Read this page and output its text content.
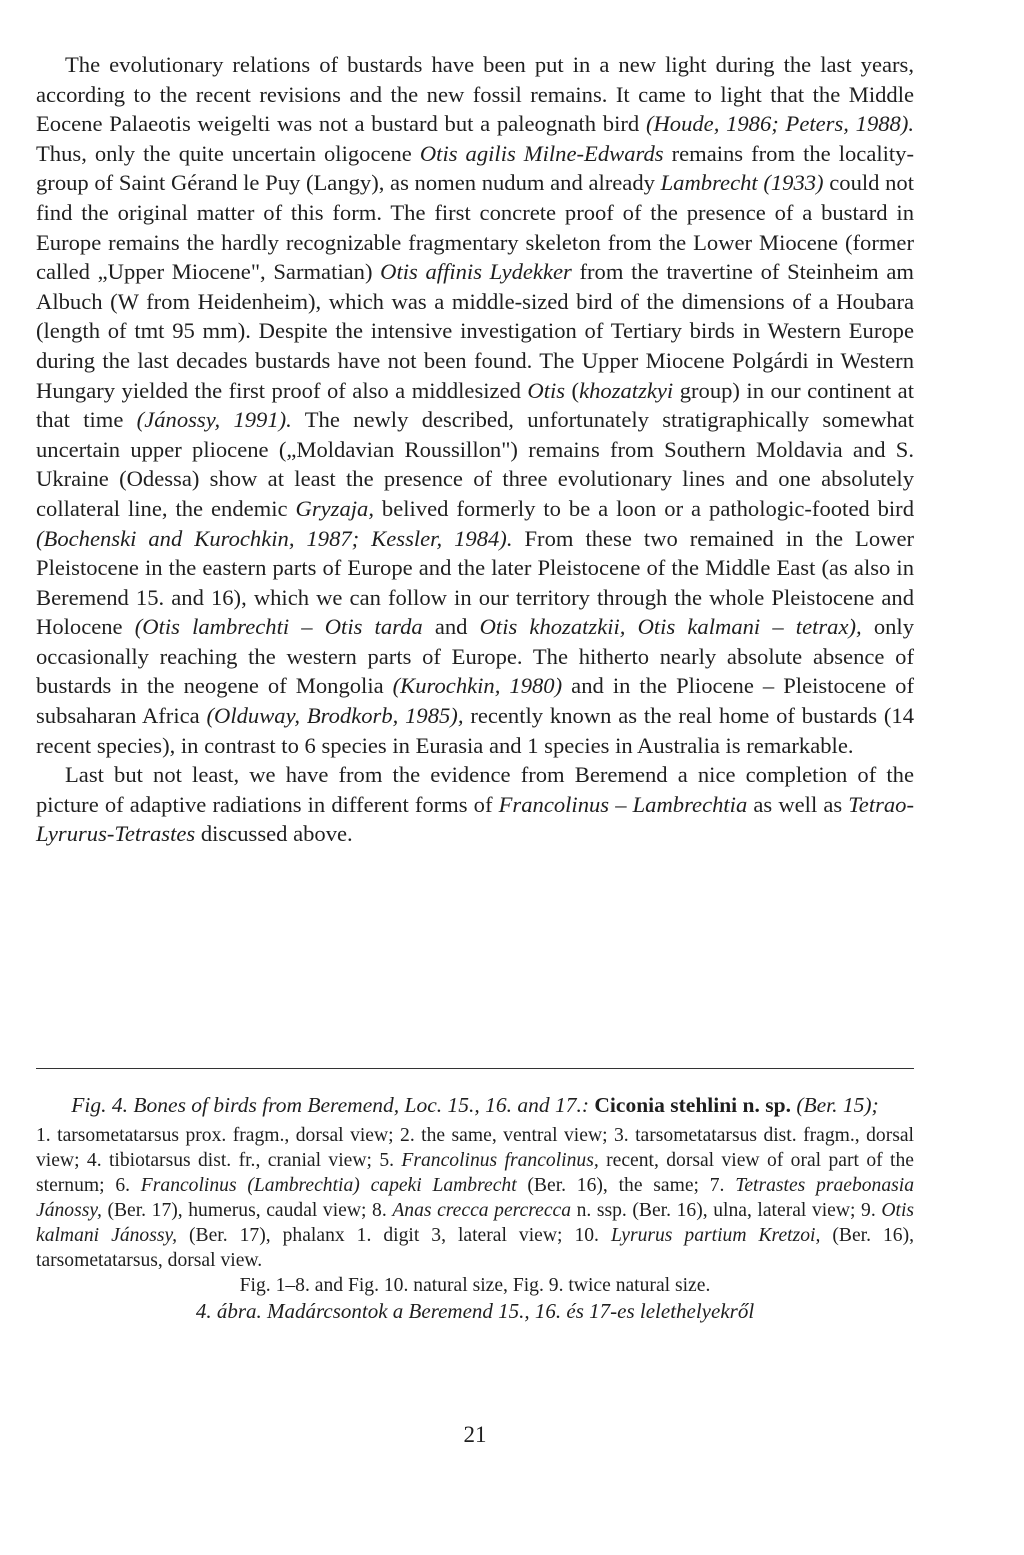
The evolutionary relations of bustards have been put in a new light during the last years, according to the recent revisions and the new fossil remains. It came to light that the Middle Eocene Palaeotis weigelti was not a bustard but a paleognath bird (Houde, 1986; Peters, 1988). Thus, only the quite uncertain oligocene Otis agilis Milne-Edwards remains from the locality-group of Saint Gérand le Puy (Langy), as nomen nudum and already Lambrecht (1933) could not find the original matter of this form. The first concrete proof of the presence of a bustard in Europe remains the hardly recognizable fragmentary skeleton from the Lower Miocene (former called „Upper Miocene", Sarmatian) Otis affinis Lydekker from the travertine of Steinheim am Albuch (W from Heidenheim), which was a middle-sized bird of the dimensions of a Houbara (length of tmt 95 mm). Despite the intensive investigation of Tertiary birds in Western Europe during the last decades bustards have not been found. The Upper Miocene Polgárdi in Western Hungary yielded the first proof of also a middlesized Otis (khozatzkyi group) in our continent at that time (Jánossy, 1991). The newly described, unfortunately stratigraphically somewhat uncertain upper pliocene („Moldavian Roussillon") remains from Southern Moldavia and S. Ukraine (Odessa) show at least the presence of three evolutionary lines and one absolutely collateral line, the endemic Gryzaja, belived formerly to be a loon or a pathologic-footed bird (Bochenski and Kurochkin, 1987; Kessler, 1984). From these two remained in the Lower Pleistocene in the eastern parts of Europe and the later Pleistocene of the Middle East (as also in Beremend 15. and 16), which we can follow in our territory through the whole Pleistocene and Holocene (Otis lambrechti – Otis tarda and Otis khozatzkii, Otis kalmani – tetrax), only occasionally reaching the western parts of Europe. The hitherto nearly absolute absence of bustards in the neogene of Mongolia (Kurochkin, 1980) and in the Pliocene – Pleistocene of subsaharan Africa (Olduway, Brodkorb, 1985), recently known as the real home of bustards (14 recent species), in contrast to 6 species in Eurasia and 1 species in Australia is remarkable.

Last but not least, we have from the evidence from Beremend a nice completion of the picture of adaptive radiations in different forms of Francolinus – Lambrechtia as well as Tetrao-Lyrurus-Tetrastes discussed above.

Fig. 4. Bones of birds from Beremend, Loc. 15., 16. and 17.: Ciconia stehlini n. sp. (Ber. 15);

1. tarsometatarsus prox. fragm., dorsal view; 2. the same, ventral view; 3. tarsometatarsus dist. fragm., dorsal view; 4. tibiotarsus dist. fr., cranial view; 5. Francolinus francolinus, recent, dorsal view of oral part of the sternum; 6. Francolinus (Lambrechtia) capeki Lambrecht (Ber. 16), the same; 7. Tetrastes praebonasia Jánossy, (Ber. 17), humerus, caudal view; 8. Anas crecca percrecca n. ssp. (Ber. 16), ulna, lateral view; 9. Otis kalmani Jánossy, (Ber. 17), phalanx 1. digit 3, lateral view; 10. Lyrurus partium Kretzoi, (Ber. 16), tarsometatarsus, dorsal view.

Fig. 1–8. and Fig. 10. natural size, Fig. 9. twice natural size.

4. ábra. Madárcsontok a Beremend 15., 16. és 17-es lelethelyekről

21
